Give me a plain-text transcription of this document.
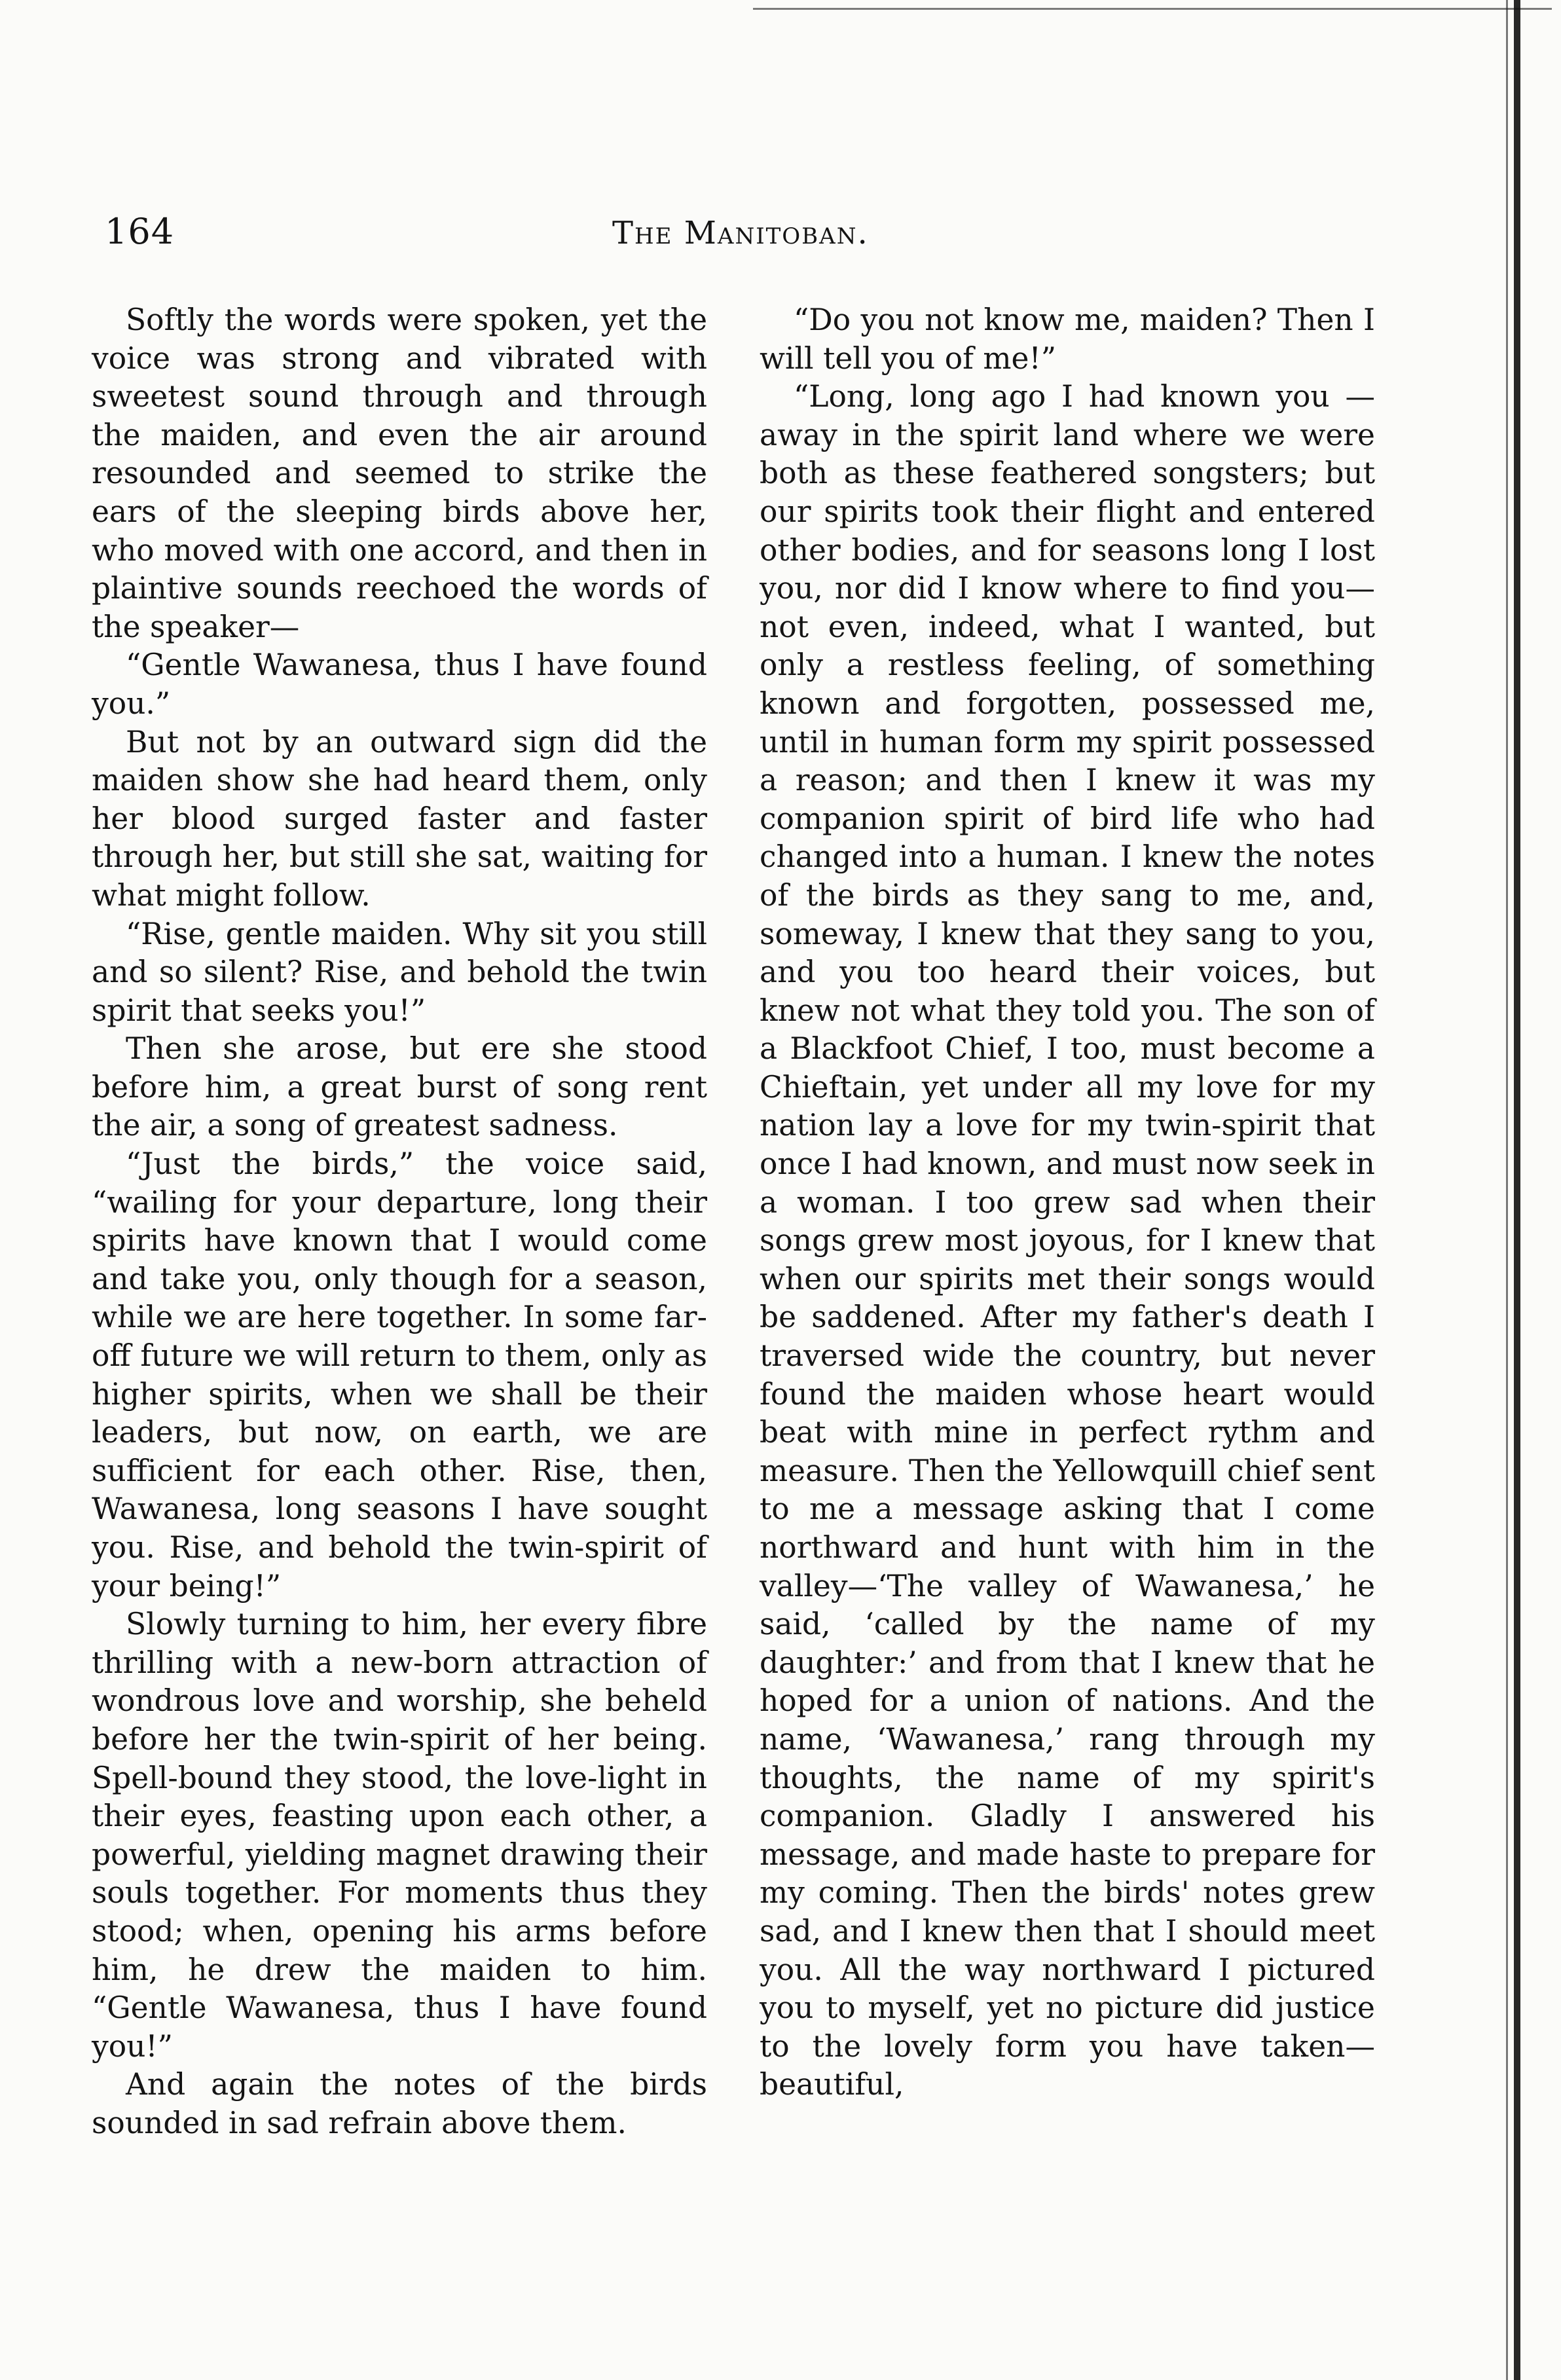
164	The Manitoban.

Softly the words were spoken, yet the voice was strong and vibrated with sweetest sound through and through the maiden, and even the air around resounded and seemed to strike the ears of the sleeping birds above her, who moved with one accord, and then in plaintive sounds reechoed the words of the speaker—

“Gentle Wawanesa, thus I have found you.”

But not by an outward sign did the maiden show she had heard them, only her blood surged faster and faster through her, but still she sat, waiting for what might follow.

“Rise, gentle maiden. Why sit you still and so silent? Rise, and behold the twin spirit that seeks you!”

Then she arose, but ere she stood before him, a great burst of song rent the air, a song of greatest sadness.

“Just the birds,” the voice said, “wailing for your departure, long their spirits have known that I would come and take you, only though for a season, while we are here together. In some far-off future we will return to them, only as higher spirits, when we shall be their leaders, but now, on earth, we are sufficient for each other. Rise, then, Wawanesa, long seasons I have sought you. Rise, and behold the twin-spirit of your being!”

Slowly turning to him, her every fibre thrilling with a new-born attraction of wondrous love and worship, she beheld before her the twin-spirit of her being. Spell-bound they stood, the love-light in their eyes, feasting upon each other, a powerful, yielding magnet drawing their souls together. For moments thus they stood; when, opening his arms before him, he drew the maiden to him. “Gentle Wawanesa, thus I have found you!”

And again the notes of the birds sounded in sad refrain above them.

“Do you not know me, maiden? Then I will tell you of me!”

“Long, long ago I had known you —away in the spirit land where we were both as these feathered songsters; but our spirits took their flight and entered other bodies, and for seasons long I lost you, nor did I know where to find you—not even, indeed, what I wanted, but only a restless feeling, of something known and forgotten, possessed me, until in human form my spirit possessed a reason; and then I knew it was my companion spirit of bird life who had changed into a human. I knew the notes of the birds as they sang to me, and, someway, I knew that they sang to you, and you too heard their voices, but knew not what they told you. The son of a Blackfoot Chief, I too, must become a Chieftain, yet under all my love for my nation lay a love for my twin-spirit that once I had known, and must now seek in a woman. I too grew sad when their songs grew most joyous, for I knew that when our spirits met their songs would be saddened. After my father's death I traversed wide the country, but never found the maiden whose heart would beat with mine in perfect rythm and measure. Then the Yellowquill chief sent to me a message asking that I come northward and hunt with him in the valley—‘The valley of Wawanesa,’ he said, ‘called by the name of my daughter:’ and from that I knew that he hoped for a union of nations. And the name, ‘Wawanesa,’ rang through my thoughts, the name of my spirit's companion. Gladly I answered his message, and made haste to prepare for my coming. Then the birds' notes grew sad, and I knew then that I should meet you. All the way northward I pictured you to myself, yet no picture did justice to the lovely form you have taken—beautiful,
